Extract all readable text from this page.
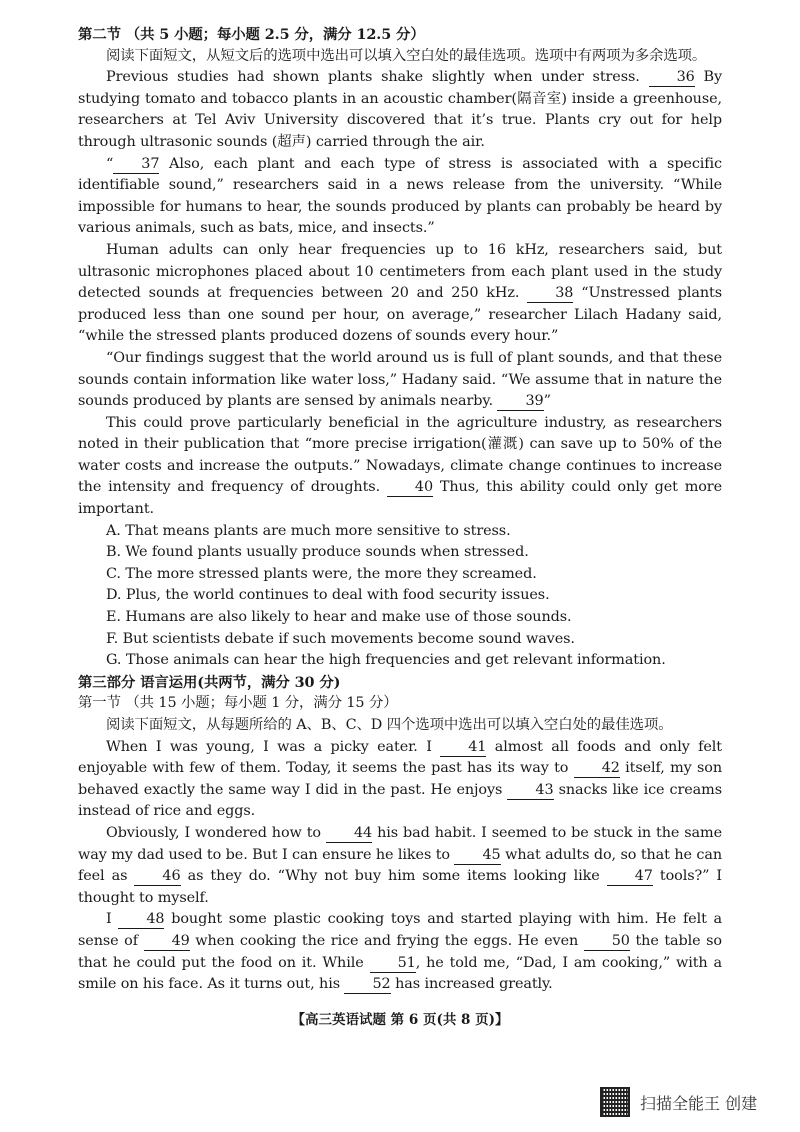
第二节 （共 5 小题；每小题 2.5 分，满分 12.5 分）

阅读下面短文，从短文后的选项中选出可以填入空白处的最佳选项。选项中有两项为多余选项。

Previous studies had shown plants shake slightly when under stress.	36 By studying tomato and tobacco plants in an acoustic chamber(隔音室) inside a greenhouse, researchers at Tel Aviv University discovered that it’s true. Plants cry out for help through ultrasonic sounds (超声) carried through the air.

“ 37 Also, each plant and each type of stress is associated with a specific identifiable sound,” researchers said in a news release from the university. “While impossible for humans to hear, the sounds produced by plants can probably be heard by various animals, such as bats, mice, and insects.”

Human adults can only hear frequencies up to 16 kHz, researchers said, but ultrasonic microphones placed about 10 centimeters from each plant used in the study detected sounds at frequencies between 20 and 250 kHz. 38 “Unstressed plants produced less than one sound per hour, on average,” researcher Lilach Hadany said, “while the stressed plants produced dozens of sounds every hour.”

“Our findings suggest that the world around us is full of plant sounds, and that these sounds contain information like water loss,” Hadany said. “We assume that in nature the sounds produced by plants are sensed by animals nearby. 39”

This could prove particularly beneficial in the agriculture industry, as researchers noted in their publication that “more precise irrigation(灌溉) can save up to 50% of the water costs and increase the outputs.” Nowadays, climate change continues to increase the intensity and frequency of droughts. 40 Thus, this ability could only get more important.

A. That means plants are much more sensitive to stress.

B. We found plants usually produce sounds when stressed.

C. The more stressed plants were, the more they screamed.

D. Plus, the world continues to deal with food security issues.

E. Humans are also likely to hear and make use of those sounds.

F. But scientists debate if such movements become sound waves.

G. Those animals can hear the high frequencies and get relevant information.

第三部分 语言运用(共两节，满分 30 分)

第一节 （共 15 小题；每小题 1 分，满分 15 分）

阅读下面短文，从每题所给的 A、B、C、D 四个选项中选出可以填入空白处的最佳选项。

When I was young, I was a picky eater. I	41 almost all foods and only felt enjoyable with few of them. Today, it seems the past has its way to 42 itself, my son behaved exactly the same way I did in the past. He enjoys 43 snacks like ice creams instead of rice and eggs.

Obviously, I wondered how to 44 his bad habit. I seemed to be stuck in the same way my dad used to be. But I can ensure he likes to 45 what adults do, so that he can feel as 46 as they do. “Why not buy him some items looking like 47 tools?” I thought to myself.

I 48 bought some plastic cooking toys and started playing with him. He felt a sense of 49 when cooking the rice and frying the eggs. He even 50 the table so that he could put the food on it. While 51, he told me, “Dad, I am cooking,” with a smile on his face. As it turns out, his 52 has increased greatly.

【高三英语试题 第 6 页(共 8 页)】
扫描全能王 创建
